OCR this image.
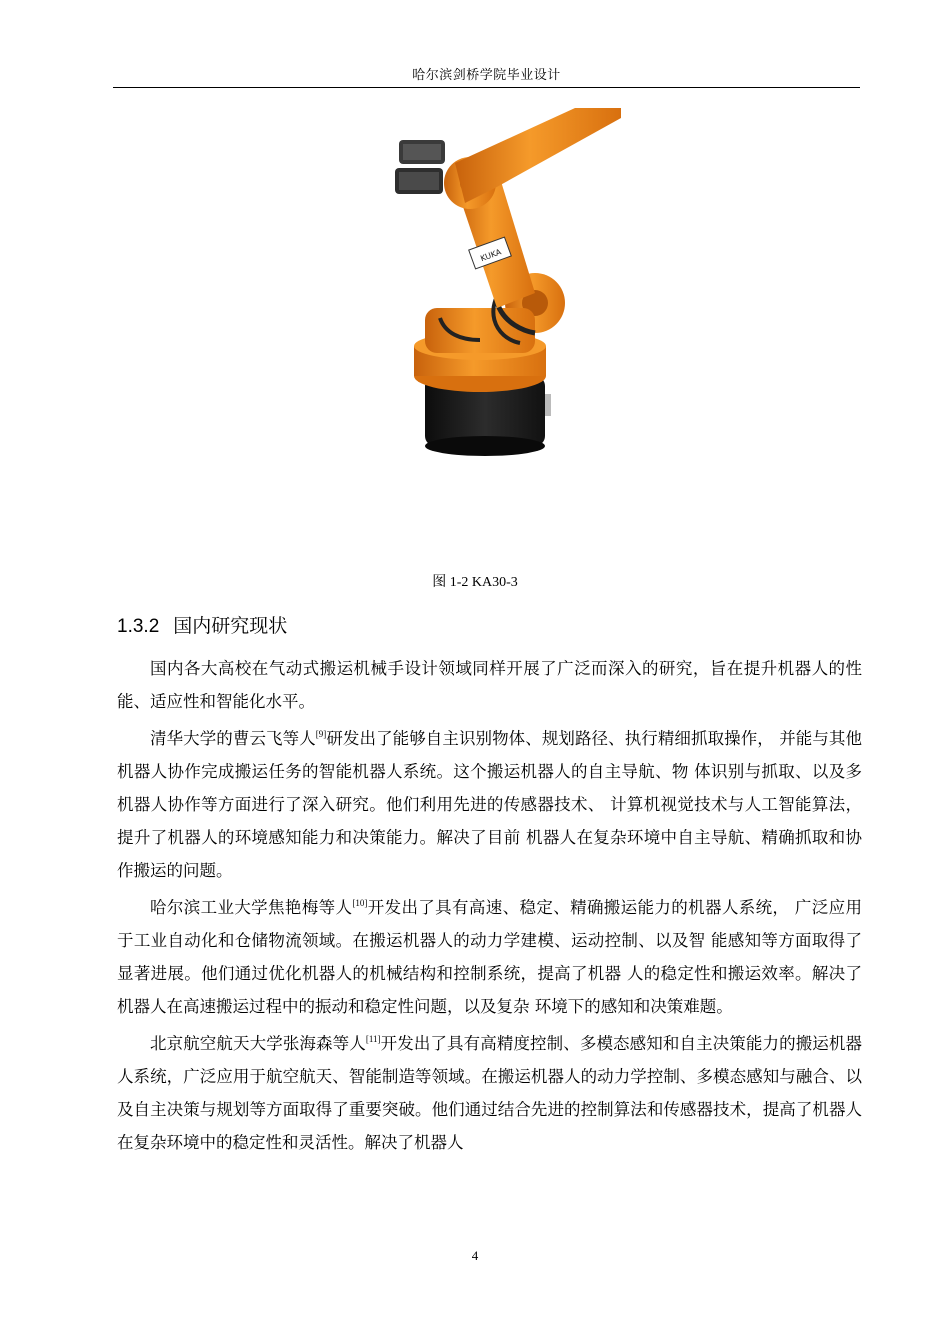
哈尔滨剑桥学院毕业设计
KUKA
图 1-2 KA30-3
1.3.2 国内研究现状

国内各大高校在气动式搬运机械手设计领域同样开展了广泛而深入的研究，旨在提升机器人的性能、适应性和智能化水平。

清华大学的曹云飞等人[9]研发出了能够自主识别物体、规划路径、执行精细抓取操作， 并能与其他机器人协作完成搬运任务的智能机器人系统。这个搬运机器人的自主导航、物 体识别与抓取、以及多机器人协作等方面进行了深入研究。他们利用先进的传感器技术、 计算机视觉技术与人工智能算法，提升了机器人的环境感知能力和决策能力。解决了目前 机器人在复杂环境中自主导航、精确抓取和协作搬运的问题。

哈尔滨工业大学焦艳梅等人[10]开发出了具有高速、稳定、精确搬运能力的机器人系统， 广泛应用于工业自动化和仓储物流领域。在搬运机器人的动力学建模、运动控制、以及智 能感知等方面取得了显著进展。他们通过优化机器人的机械结构和控制系统，提高了机器 人的稳定性和搬运效率。解决了机器人在高速搬运过程中的振动和稳定性问题，以及复杂 环境下的感知和决策难题。

北京航空航天大学张海森等人[11]开发出了具有高精度控制、多模态感知和自主决策能力的搬运机器人系统，广泛应用于航空航天、智能制造等领域。在搬运机器人的动力学控制、多模态感知与融合、以及自主决策与规划等方面取得了重要突破。他们通过结合先进的控制算法和传感器技术，提高了机器人在复杂环境中的稳定性和灵活性。解决了机器人

4
